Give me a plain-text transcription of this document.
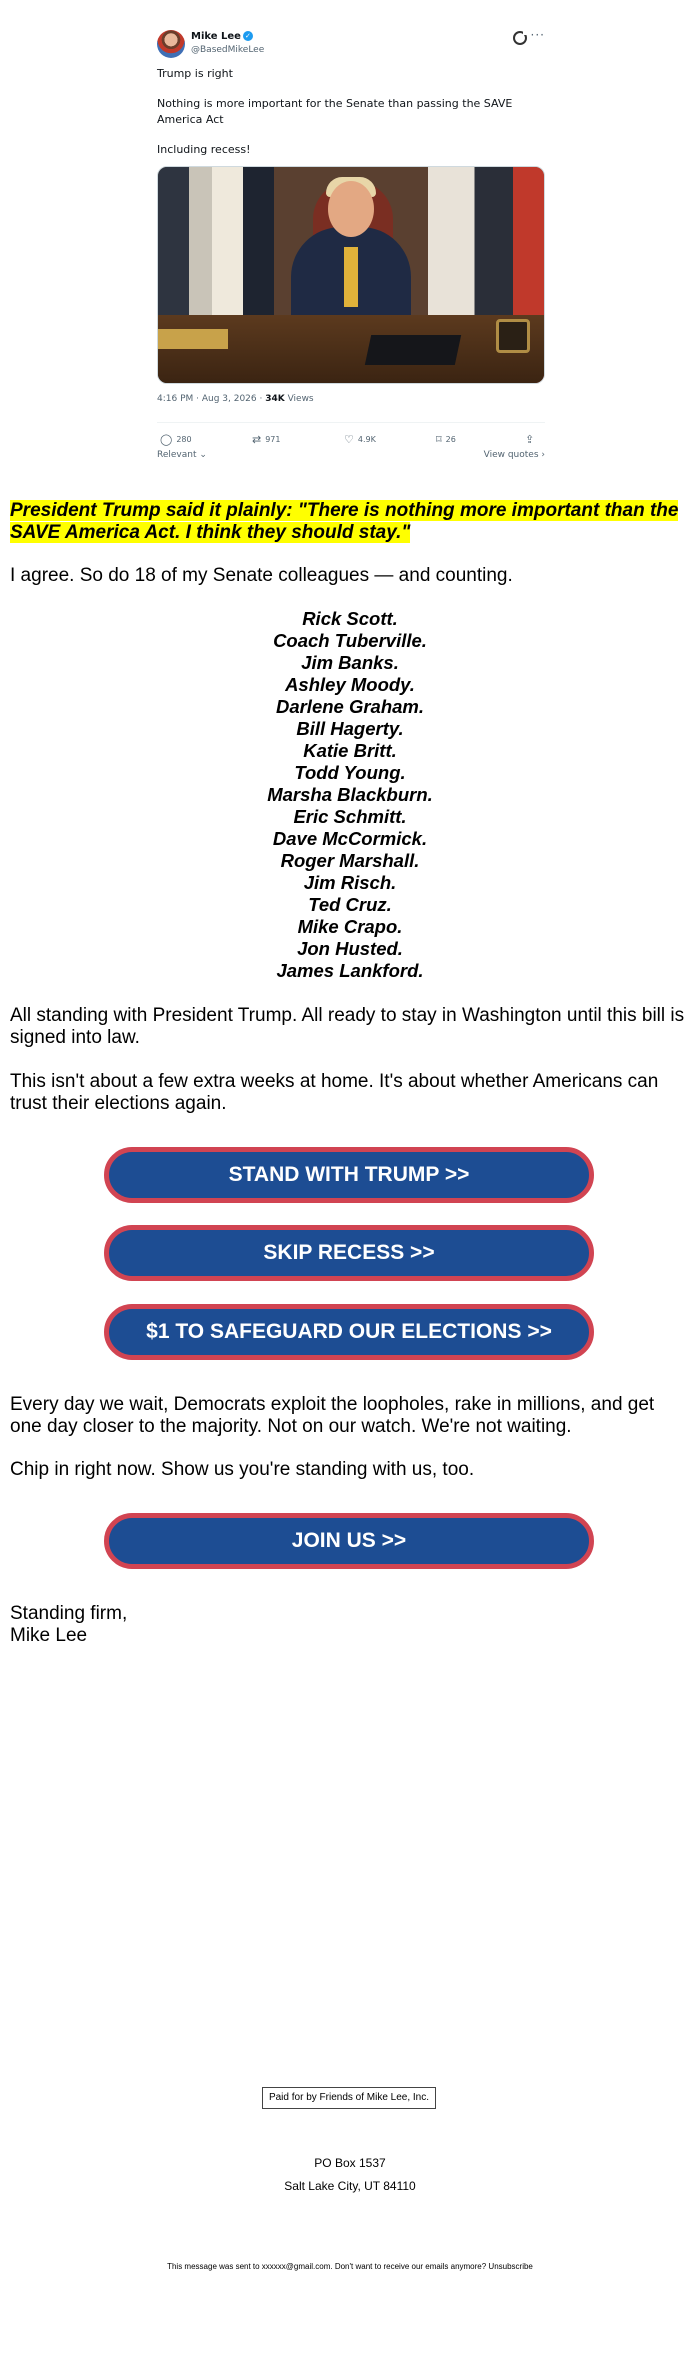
Mike Lee ✓
@BasedMikeLee
···
Trump is right
Nothing is more important for the Senate than passing the SAVE America Act
Including recess!
4:16 PM · Aug 3, 2026 · 34K Views
◯ 280	⇄ 971	♡ 4.9K	⌑ 26	⇪
Relevant ⌄	View quotes ›
President Trump said it plainly: "There is nothing more important than the SAVE America Act. I think they should stay."
I agree. So do 18 of my Senate colleagues — and counting.
Rick Scott.
Coach Tuberville.
Jim Banks.
Ashley Moody.
Darlene Graham.
Bill Hagerty.
Katie Britt.
Todd Young.
Marsha Blackburn.
Eric Schmitt.
Dave McCormick.
Roger Marshall.
Jim Risch.
Ted Cruz.
Mike Crapo.
Jon Husted.
James Lankford.
All standing with President Trump. All ready to stay in Washington until this bill is signed into law.
This isn't about a few extra weeks at home. It's about whether Americans can trust their elections again.
STAND WITH TRUMP >>
SKIP RECESS >>
$1 TO SAFEGUARD OUR ELECTIONS >>
Every day we wait, Democrats exploit the loopholes, rake in millions, and get one day closer to the majority. Not on our watch. We're not waiting.
Chip in right now. Show us you're standing with us, too.
JOIN US >>
Standing firm,
Mike Lee
Paid for by Friends of Mike Lee, Inc.
PO Box 1537
Salt Lake City, UT 84110
This message was sent to xxxxxx@gmail.com. Don't want to receive our emails anymore? Unsubscribe
